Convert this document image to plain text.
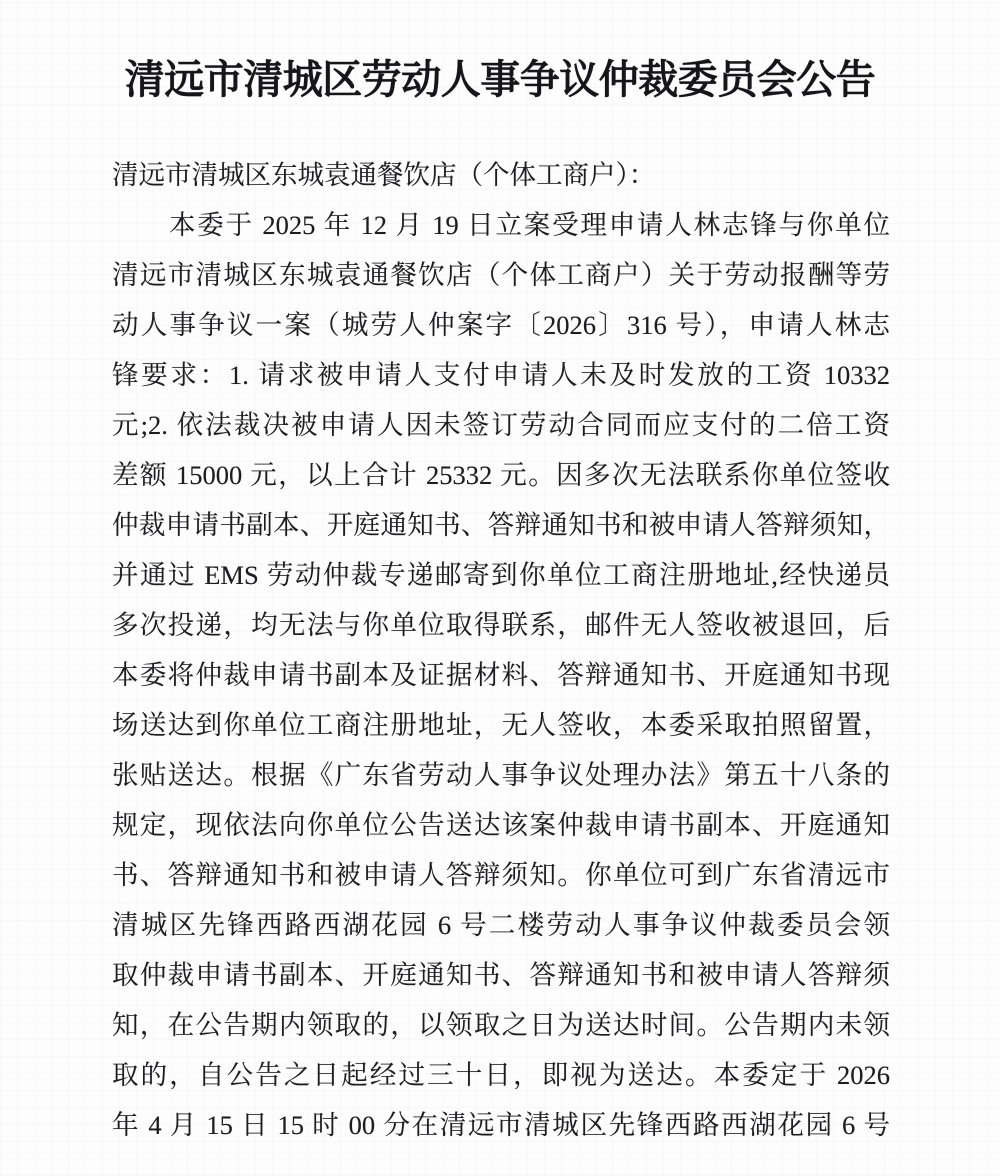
清远市清城区劳动人事争议仲裁委员会公告

清远市清城区东城袁通餐饮店（个体工商户）：

本委于 2025 年 12 月 19 日立案受理申请人林志锋与你单位

清远市清城区东城袁通餐饮店（个体工商户）关于劳动报酬等劳

动人事争议一案（城劳人仲案字〔2026〕316 号），申请人林志

锋要求：1. 请求被申请人支付申请人未及时发放的工资 10332

元;2. 依法裁决被申请人因未签订劳动合同而应支付的二倍工资

差额 15000 元，以上合计 25332 元。因多次无法联系你单位签收

仲裁申请书副本、开庭通知书、答辩通知书和被申请人答辩须知，

并通过 EMS 劳动仲裁专递邮寄到你单位工商注册地址,经快递员

多次投递，均无法与你单位取得联系，邮件无人签收被退回，后

本委将仲裁申请书副本及证据材料、答辩通知书、开庭通知书现

场送达到你单位工商注册地址，无人签收，本委采取拍照留置，

张贴送达。根据《广东省劳动人事争议处理办法》第五十八条的

规定，现依法向你单位公告送达该案仲裁申请书副本、开庭通知

书、答辩通知书和被申请人答辩须知。你单位可到广东省清远市

清城区先锋西路西湖花园 6 号二楼劳动人事争议仲裁委员会领

取仲裁申请书副本、开庭通知书、答辩通知书和被申请人答辩须

知，在公告期内领取的，以领取之日为送达时间。公告期内未领

取的，自公告之日起经过三十日，即视为送达。本委定于 2026

年 4 月 15 日 15 时 00 分在清远市清城区先锋西路西湖花园 6 号
